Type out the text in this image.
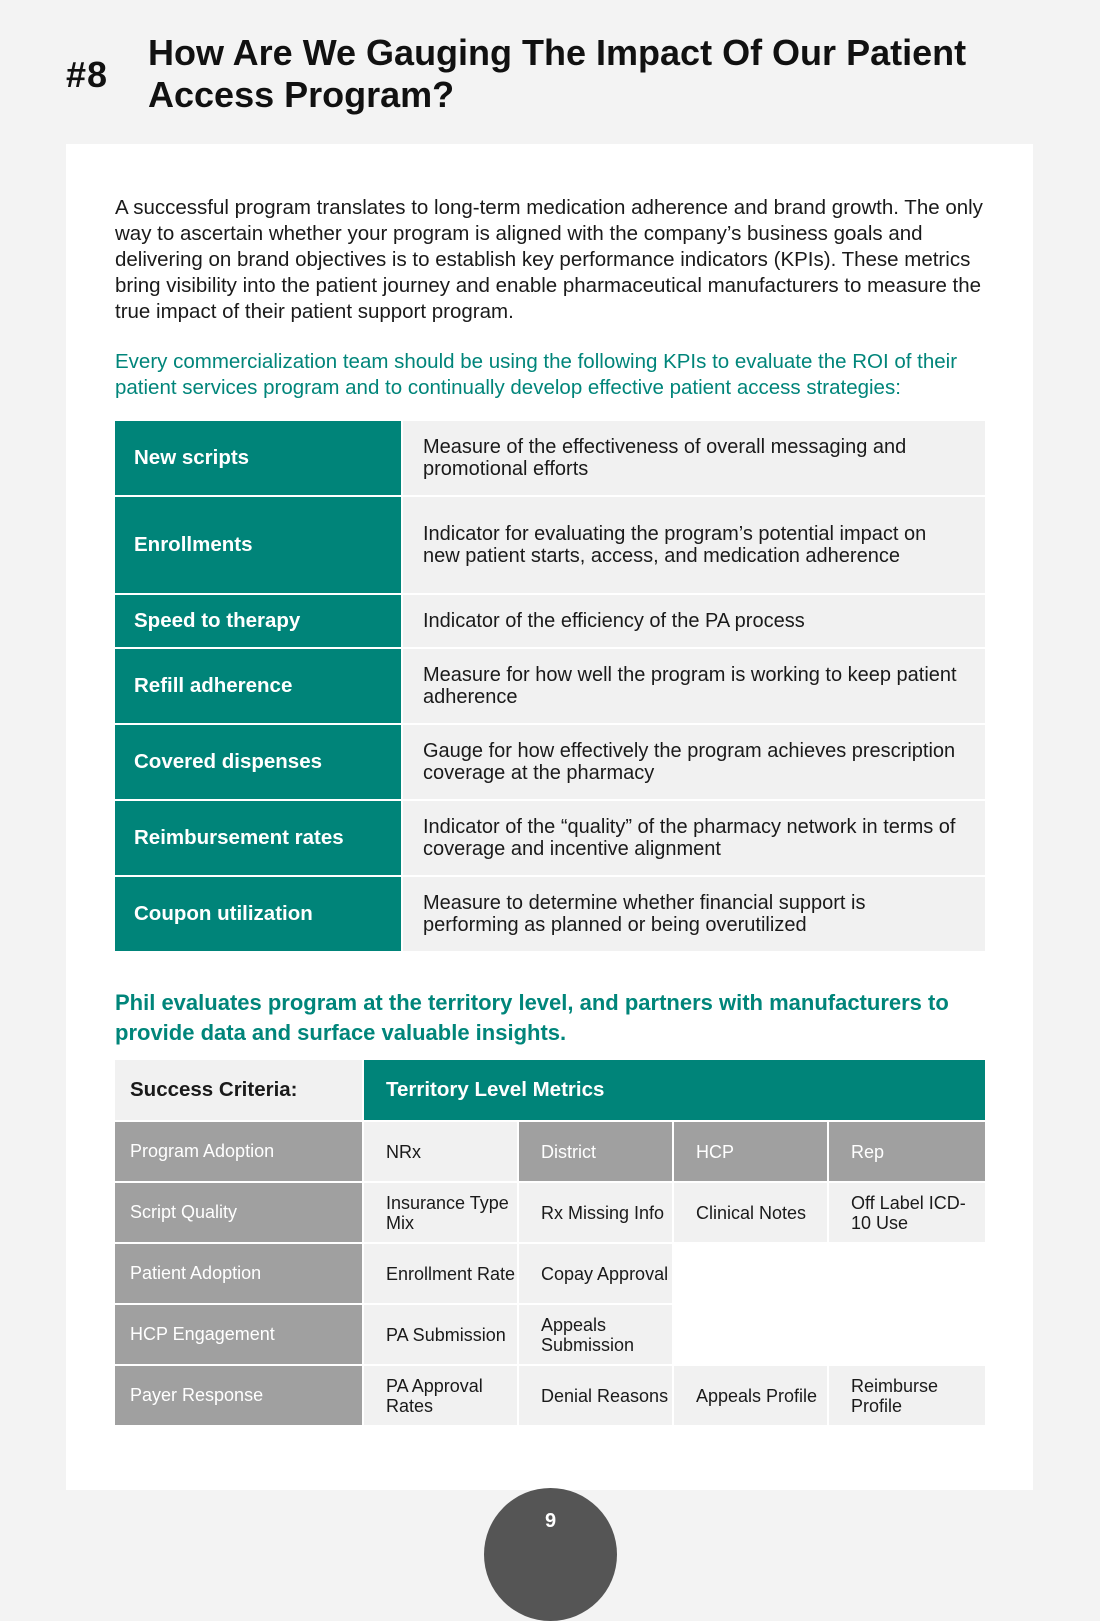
#8
How Are We Gauging The Impact Of Our Patient Access Program?

A successful program translates to long-term medication adherence and brand growth. The only way to ascertain whether your program is aligned with the company’s business goals and delivering on brand objectives is to establish key performance indicators (KPIs). These metrics bring visibility into the patient journey and enable pharmaceutical manufacturers to measure the true impact of their patient support program.

Every commercialization team should be using the following KPIs to evaluate the ROI of their patient services program and to continually develop effective patient access strategies:

New scripts	Measure of the effectiveness of overall messaging and promotional efforts
Enrollments	Indicator for evaluating the program’s potential impact on new patient starts, access, and medication adherence
Speed to therapy	Indicator of the efficiency of the PA process
Refill adherence	Measure for how well the program is working to keep patient adherence
Covered dispenses	Gauge for how effectively the program achieves prescription coverage at the pharmacy
Reimbursement rates	Indicator of the “quality” of the pharmacy network in terms of coverage and incentive alignment
Coupon utilization	Measure to determine whether financial support is performing as planned or being overutilized

Phil evaluates program at the territory level, and partners with manufacturers to provide data and surface valuable insights.

Success Criteria:	Territory Level Metrics
Program Adoption	NRx	District	HCP	Rep
Script Quality	Insurance Type Mix	Rx Missing Info	Clinical Notes	Off Label ICD-10 Use
Patient Adoption	Enrollment Rate	Copay Approval
HCP Engagement	PA Submission	Appeals Submission
Payer Response	PA Approval Rates	Denial Reasons	Appeals Profile	Reimburse Profile
9
